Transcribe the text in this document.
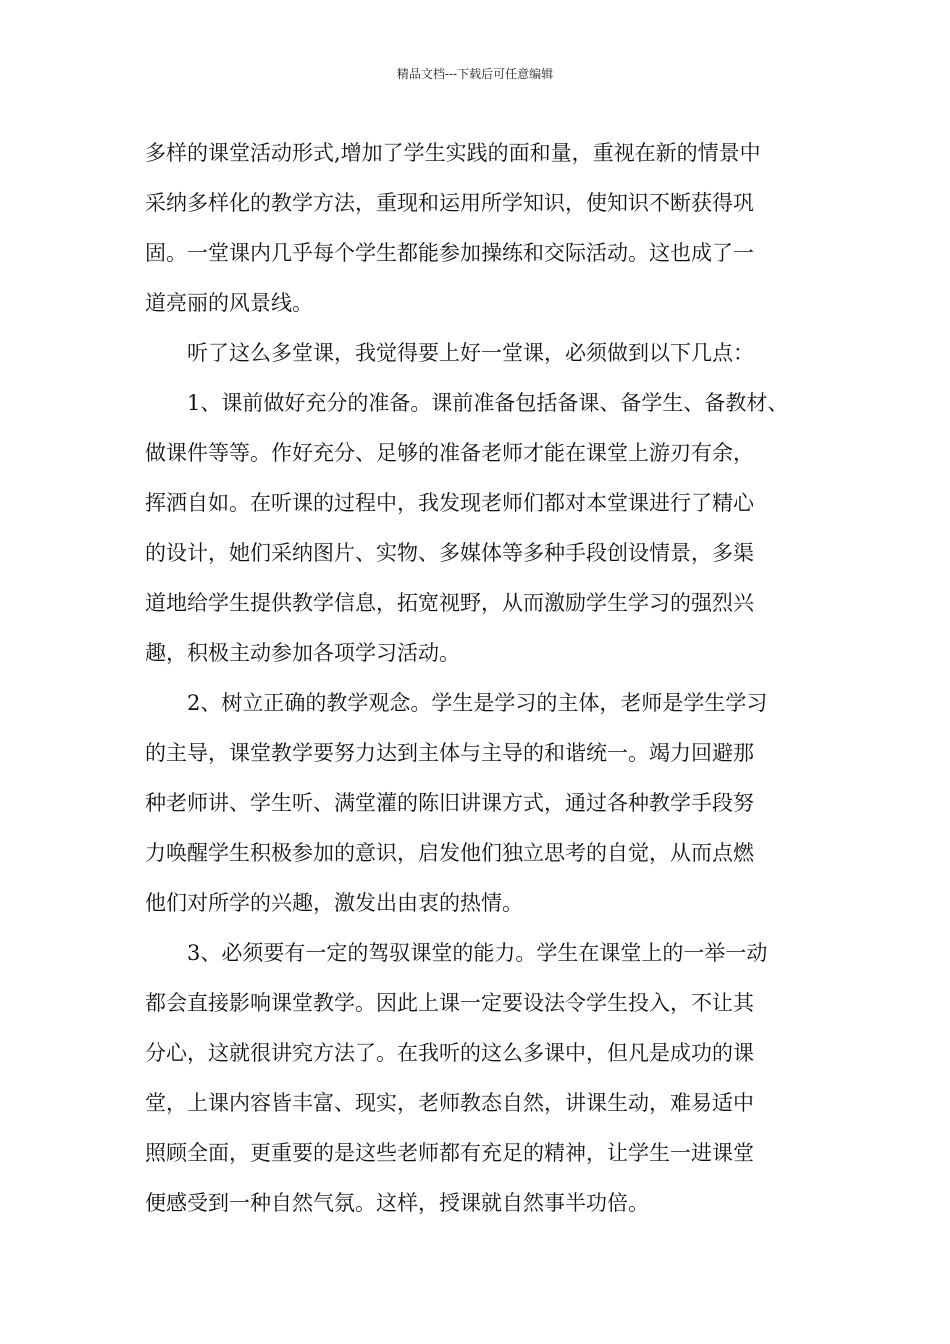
精品文档---下载后可任意编辑
多样的课堂活动形式,增加了学生实践的面和量，重视在新的情景中
采纳多样化的教学方法，重现和运用所学知识，使知识不断获得巩
固。一堂课内几乎每个学生都能参加操练和交际活动。这也成了一
道亮丽的风景线。
听了这么多堂课，我觉得要上好一堂课，必须做到以下几点：
1、课前做好充分的准备。课前准备包括备课、备学生、备教材、
做课件等等。作好充分、足够的准备老师才能在课堂上游刃有余，
挥洒自如。在听课的过程中，我发现老师们都对本堂课进行了精心
的设计，她们采纳图片、实物、多媒体等多种手段创设情景，多渠
道地给学生提供教学信息，拓宽视野，从而激励学生学习的强烈兴
趣，积极主动参加各项学习活动。
2、树立正确的教学观念。学生是学习的主体，老师是学生学习
的主导，课堂教学要努力达到主体与主导的和谐统一。竭力回避那
种老师讲、学生听、满堂灌的陈旧讲课方式，通过各种教学手段努
力唤醒学生积极参加的意识，启发他们独立思考的自觉，从而点燃
他们对所学的兴趣，激发出由衷的热情。
3、必须要有一定的驾驭课堂的能力。学生在课堂上的一举一动
都会直接影响课堂教学。因此上课一定要设法令学生投入，不让其
分心，这就很讲究方法了。在我听的这么多课中，但凡是成功的课
堂，上课内容皆丰富、现实，老师教态自然，讲课生动，难易适中
照顾全面，更重要的是这些老师都有充足的精神，让学生一进课堂
便感受到一种自然气氛。这样，授课就自然事半功倍。
